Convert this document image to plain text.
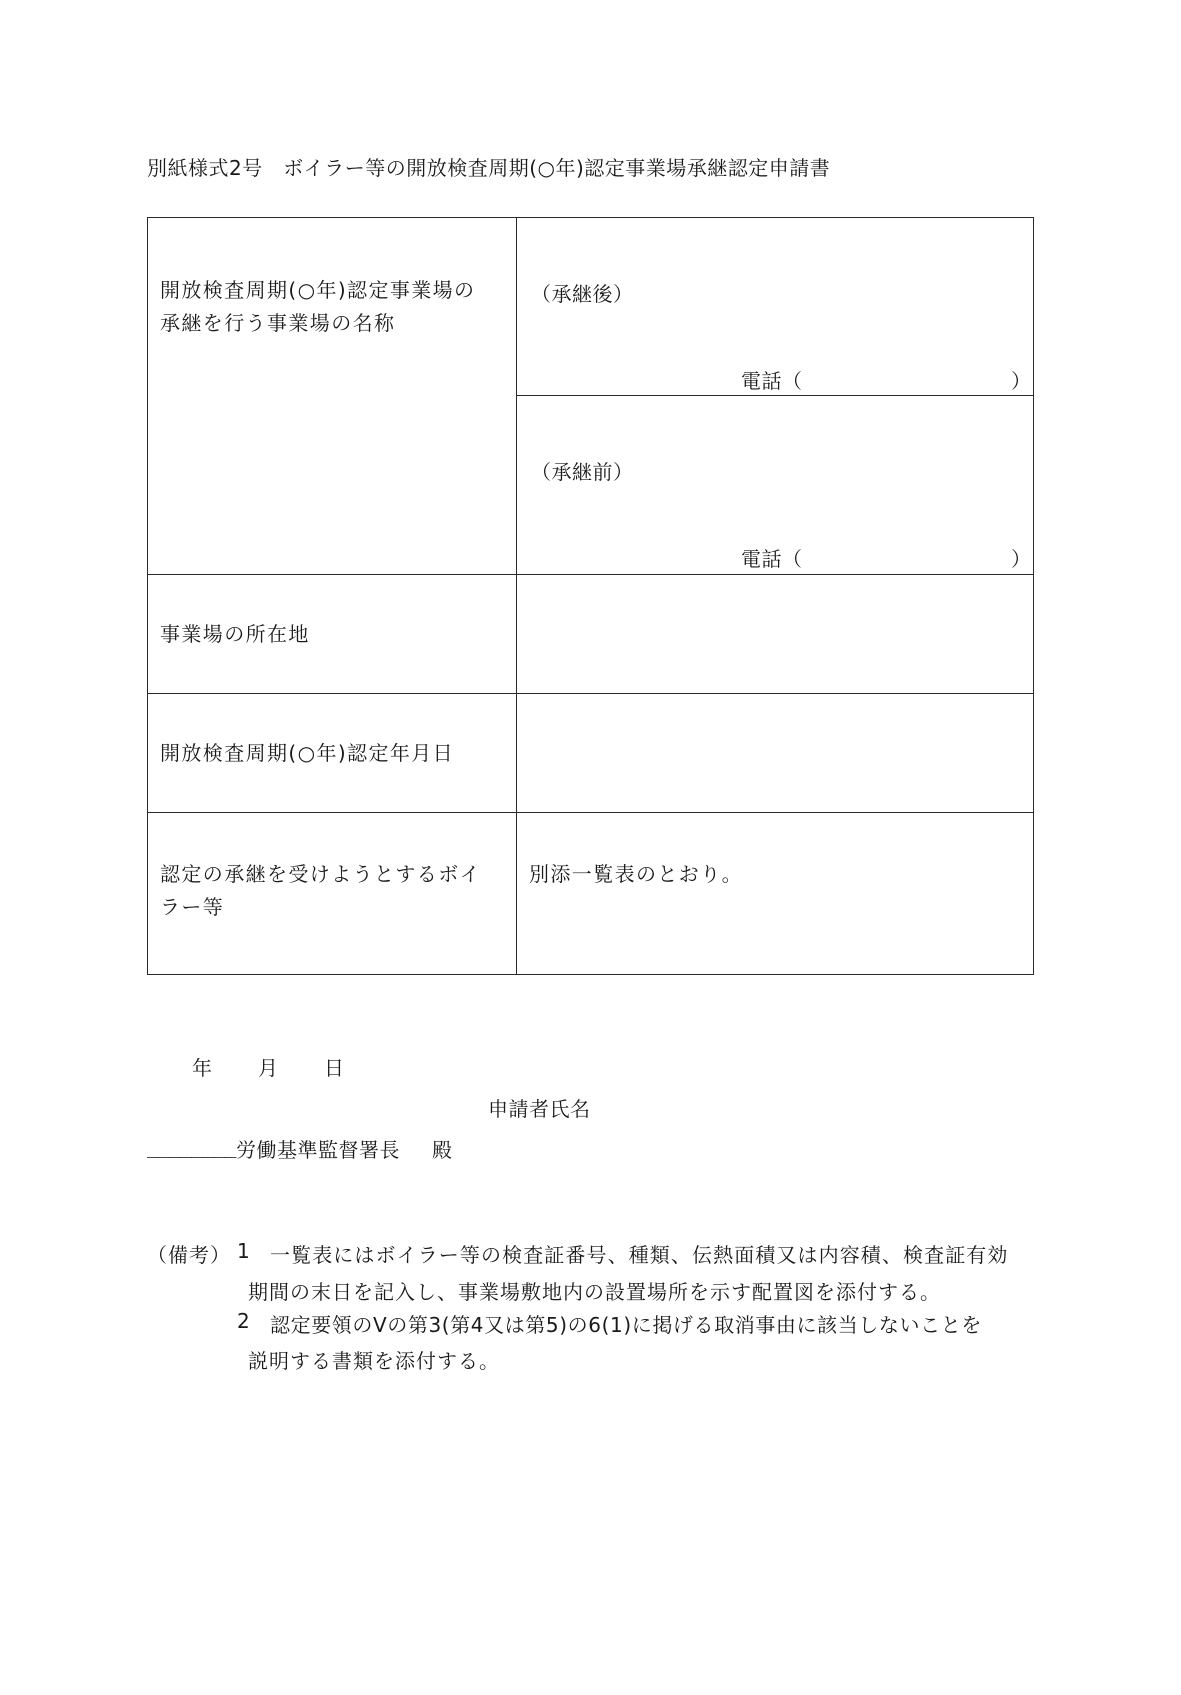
別紙様式2号　ボイラー等の開放検査周期(○年)認定事業場承継認定申請書
開放検査周期(○年)認定事業場の
承継を行う事業場の名称
（承継後）
電話（	）
（承継前）
電話（	）
事業場の所在地
開放検査周期(○年)認定年月日
認定の承継を受けようとするボイ
ラー等
別添一覧表のとおり。
年 月 日
申請者氏名
________ 労働基準監督署長 殿
（備考） 1 一覧表にはボイラー等の検査証番号、種類、伝熱面積又は内容積、検査証有効
期間の末日を記入し、事業場敷地内の設置場所を示す配置図を添付する。
2 認定要領のⅤの第3(第4又は第5)の6(1)に掲げる取消事由に該当しないことを
説明する書類を添付する。
